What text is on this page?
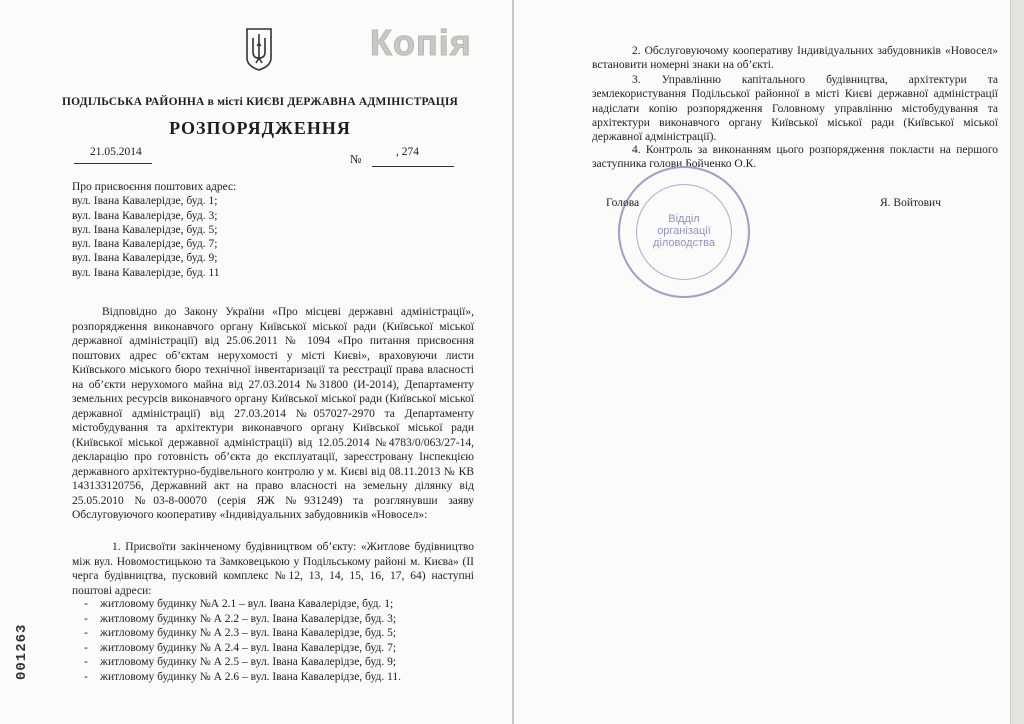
Копія
ПОДІЛЬСЬКА РАЙОННА в місті КИЄВІ ДЕРЖАВНА АДМІНІСТРАЦІЯ
РОЗПОРЯДЖЕННЯ
21.05.2014	№	, 274
Про присвоєння поштових адрес:
вул. Івана Кавалерідзе, буд. 1;
вул. Івана Кавалерідзе, буд. 3;
вул. Івана Кавалерідзе, буд. 5;
вул. Івана Кавалерідзе, буд. 7;
вул. Івана Кавалерідзе, буд. 9;
вул. Івана Кавалерідзе, буд. 11
Відповідно до Закону України «Про місцеві державні адміністрації», розпорядження виконавчого органу Київської міської ради (Київської міської державної адміністрації) від 25.06.2011 № 1094 «Про питання присвоєння поштових адрес об’єктам нерухомості у місті Києві», враховуючи листи Київського міського бюро технічної інвентаризації та реєстрації права власності на об’єкти нерухомого майна від 27.03.2014 №31800 (И-2014), Департаменту земельних ресурсів виконавчого органу Київської міської ради (Київської міської державної адміністрації) від 27.03.2014 №057027-2970 та Департаменту містобудування та архітектури виконавчого органу Київської міської ради (Київської міської державної адміністрації) від 12.05.2014 №4783/0/063/27-14, декларацію про готовність об’єкта до експлуатації, зареєстровану Інспекцією державного архітектурно-будівельного контролю у м. Києві від 08.11.2013 № КВ 143133120756, Державний акт на право власності на земельну ділянку від 25.05.2010 №03-8-00070 (серія ЯЖ №931249) та розглянувши заяву Обслуговуючого кооперативу «Індивідуальних забудовників «Новосел»:
1. Присвоїти закінченому будівництвом об’єкту: «Житлове будівництво між вул. Новомостицькою та Замковецькою у Подільському районі м. Києва» (ІІ черга будівництва, пусковий комплекс №12, 13, 14, 15, 16, 17, 64) наступні поштові адреси:
- житловому будинку №А 2.1 – вул. Івана Кавалерідзе, буд. 1;
- житловому будинку № А 2.2 – вул. Івана Кавалерідзе, буд. 3;
- житловому будинку № А 2.3 – вул. Івана Кавалерідзе, буд. 5;
- житловому будинку № А 2.4 – вул. Івана Кавалерідзе, буд. 7;
- житловому будинку № А 2.5 – вул. Івана Кавалерідзе, буд. 9;
- житловому будинку № А 2.6 – вул. Івана Кавалерідзе, буд. 11.
001263
2. Обслуговуючому кооперативу Індивідуальних забудовників «Новосел» встановити номерні знаки на об’єкті.
3. Управлінню капітального будівництва, архітектури та землекористування Подільської районної в місті Києві державної адміністрації надіслати копію розпорядження Головному управлінню містобудування та архітектури виконавчого органу Київської міської ради (Київської міської державної адміністрації).
4. Контроль за виконанням цього розпорядження покласти на першого заступника голови Бойченко О.К.
Відділ
організації
діловодства
Голова	Я. Войтович
